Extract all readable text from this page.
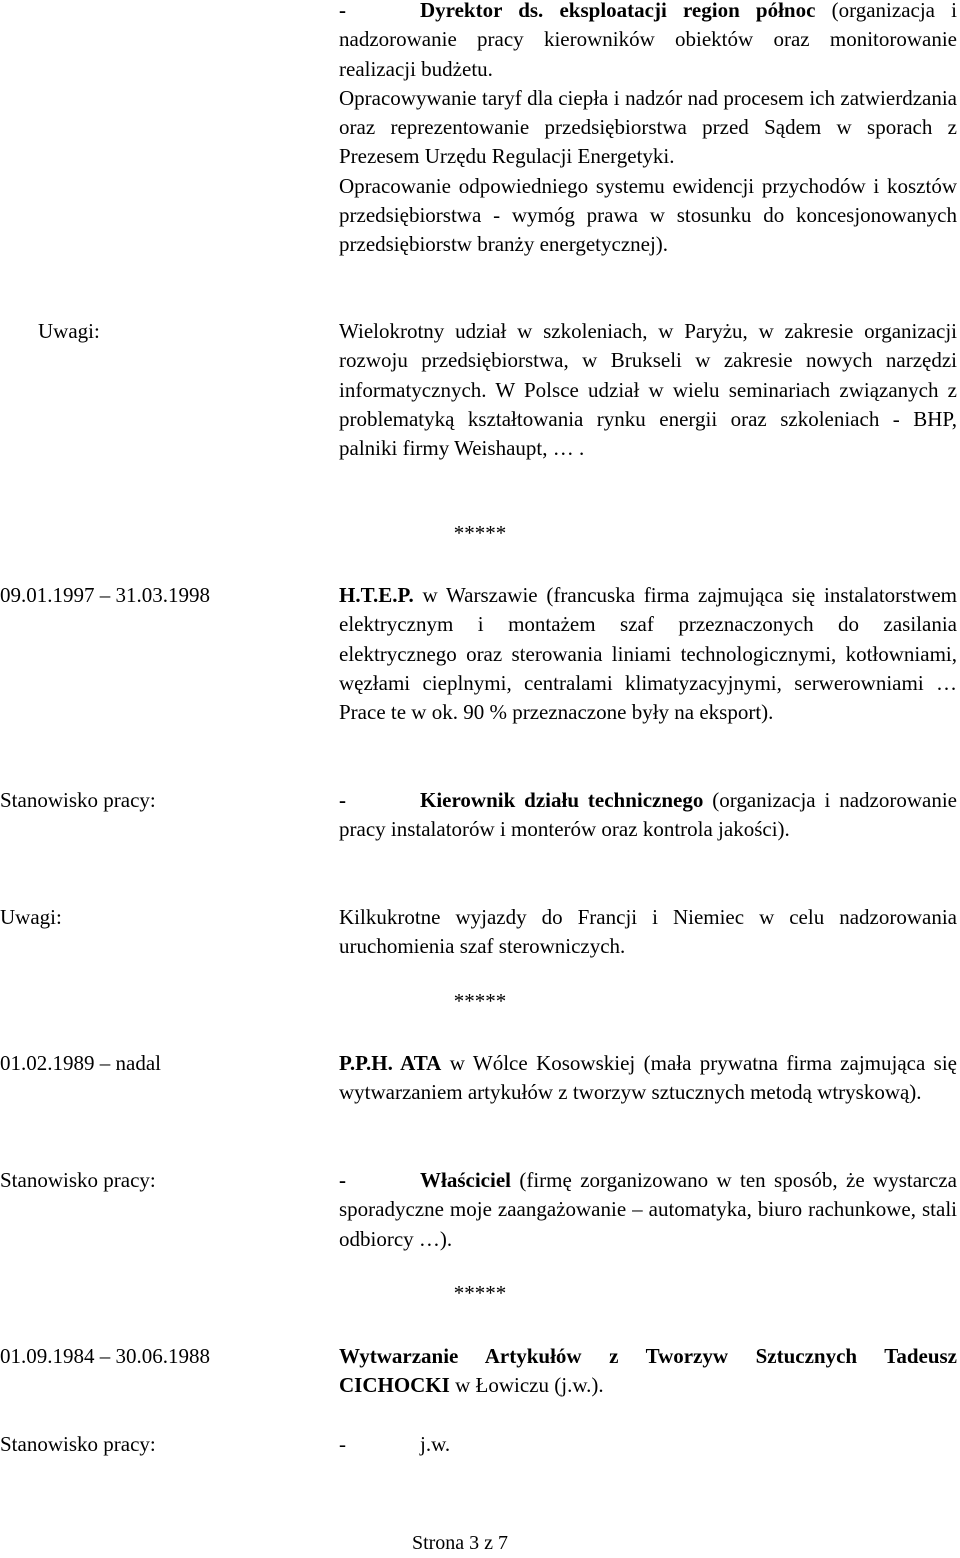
-	Dyrektor ds. eksploatacji region północ (organizacja i nadzorowanie pracy kierowników obiektów oraz monitorowanie realizacji budżetu.
Opracowywanie taryf dla ciepła i nadzór nad procesem ich zatwierdzania oraz reprezentowanie przedsiębiorstwa przed Sądem w sporach z Prezesem Urzędu Regulacji Energetyki.
Opracowanie odpowiedniego systemu ewidencji przychodów i kosztów przedsiębiorstwa - wymóg prawa w stosunku do koncesjonowanych przedsiębiorstw branży energetycznej).
Uwagi:	Wielokrotny udział w szkoleniach, w Paryżu, w zakresie organizacji rozwoju przedsiębiorstwa, w Brukseli w zakresie nowych narzędzi informatycznych. W Polsce udział w wielu seminariach związanych z problematyką kształtowania rynku energii oraz szkoleniach - BHP, palniki firmy Weishaupt, … .
*****
09.01.1997 – 31.03.1998	H.T.E.P. w Warszawie (francuska firma zajmująca się instalatorstwem elektrycznym i montażem szaf przeznaczonych do zasilania elektrycznego oraz sterowania liniami technologicznymi, kotłowniami, węzłami cieplnymi, centralami klimatyzacyjnymi, serwerowniami … Prace te w ok. 90 % przeznaczone były na eksport).
Stanowisko pracy:	-	Kierownik działu technicznego (organizacja i nadzorowanie pracy instalatorów i monterów oraz kontrola jakości).
Uwagi:	Kilkukrotne wyjazdy do Francji i Niemiec w celu nadzorowania uruchomienia szaf sterowniczych.
*****
01.02.1989 – nadal	P.P.H. ATA w Wólce Kosowskiej (mała prywatna firma zajmująca się wytwarzaniem artykułów z tworzyw sztucznych metodą wtryskową).
Stanowisko pracy:	-	Właściciel (firmę zorganizowano w ten sposób, że wystarcza sporadyczne moje zaangażowanie – automatyka, biuro rachunkowe, stali odbiorcy …).
*****
01.09.1984 – 30.06.1988	Wytwarzanie Artykułów z Tworzyw Sztucznych Tadeusz CICHOCKI w Łowiczu (j.w.).
Stanowisko pracy:	-	j.w.
Strona 3 z 7
